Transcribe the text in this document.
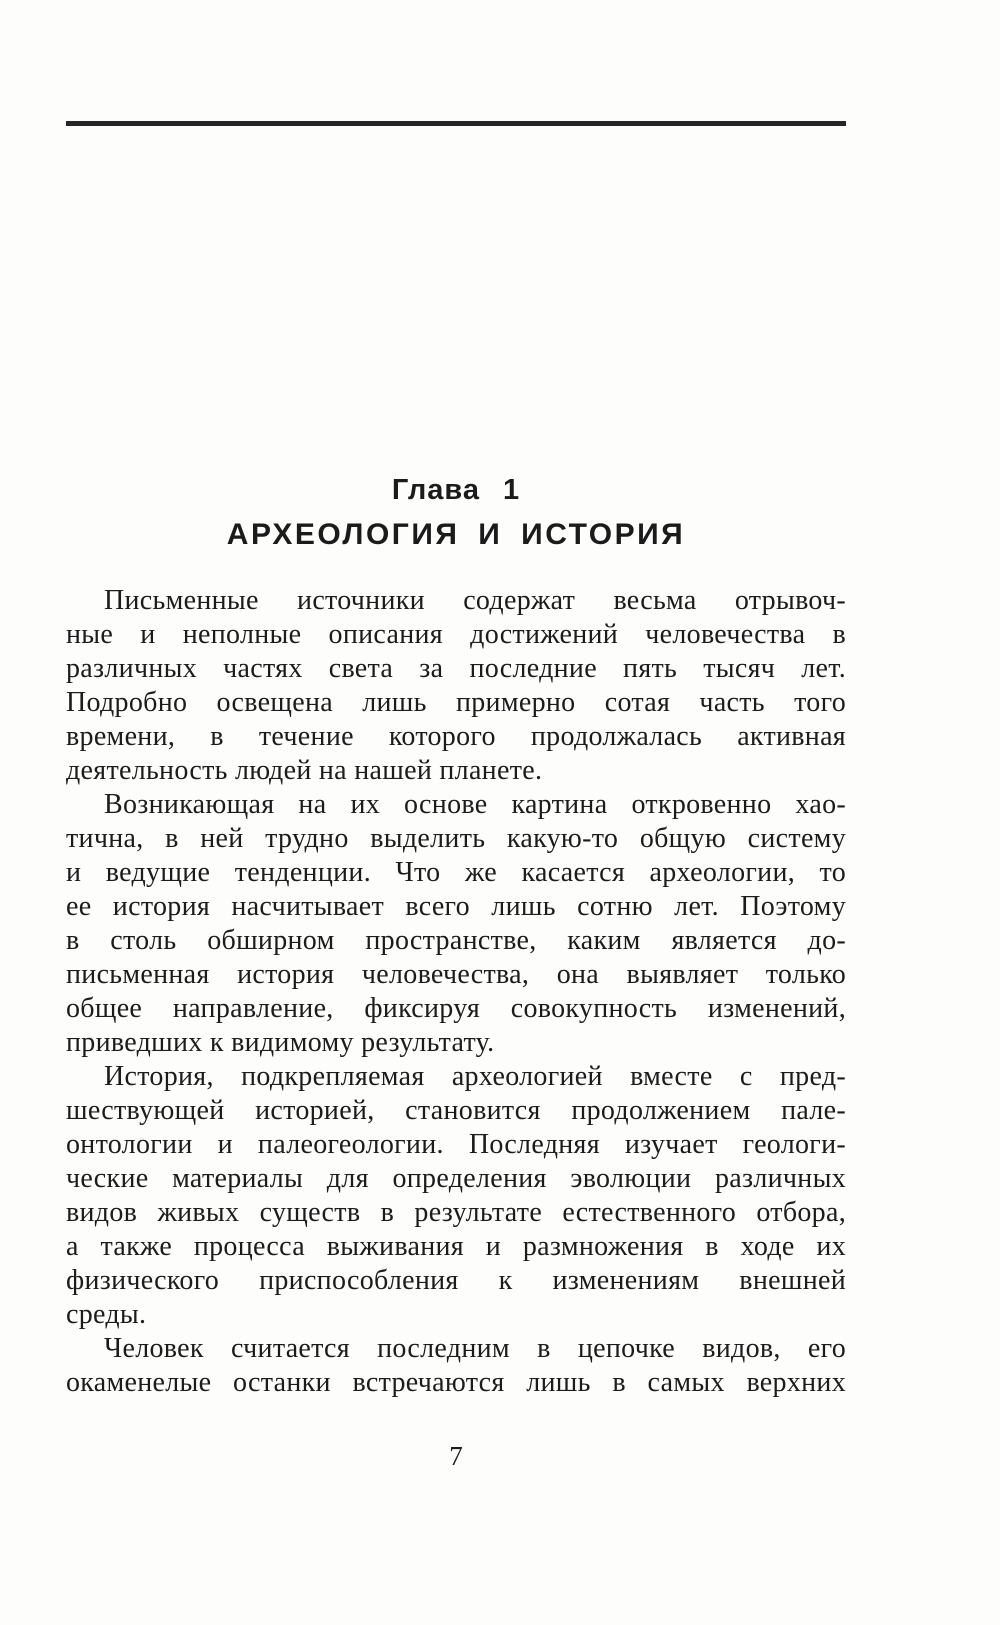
Глава 1
АРХЕОЛОГИЯ И ИСТОРИЯ
Письменные источники содержат весьма отрывоч-
ные и неполные описания достижений человечества в
различных частях света за последние пять тысяч лет.
Подробно освещена лишь примерно сотая часть того
времени, в течение которого продолжалась активная
деятельность людей на нашей планете.
Возникающая на их основе картина откровенно хао-
тична, в ней трудно выделить какую-то общую систему
и ведущие тенденции. Что же касается археологии, то
ее история насчитывает всего лишь сотню лет. Поэтому
в столь обширном пространстве, каким является до-
письменная история человечества, она выявляет только
общее направление, фиксируя совокупность изменений,
приведших к видимому результату.
История, подкрепляемая археологией вместе с пред-
шествующей историей, становится продолжением пале-
онтологии и палеогеологии. Последняя изучает геологи-
ческие материалы для определения эволюции различных
видов живых существ в результате естественного отбора,
а также процесса выживания и размножения в ходе их
физического приспособления к изменениям внешней
среды.
Человек считается последним в цепочке видов, его
окаменелые останки встречаются лишь в самых верхних
7
